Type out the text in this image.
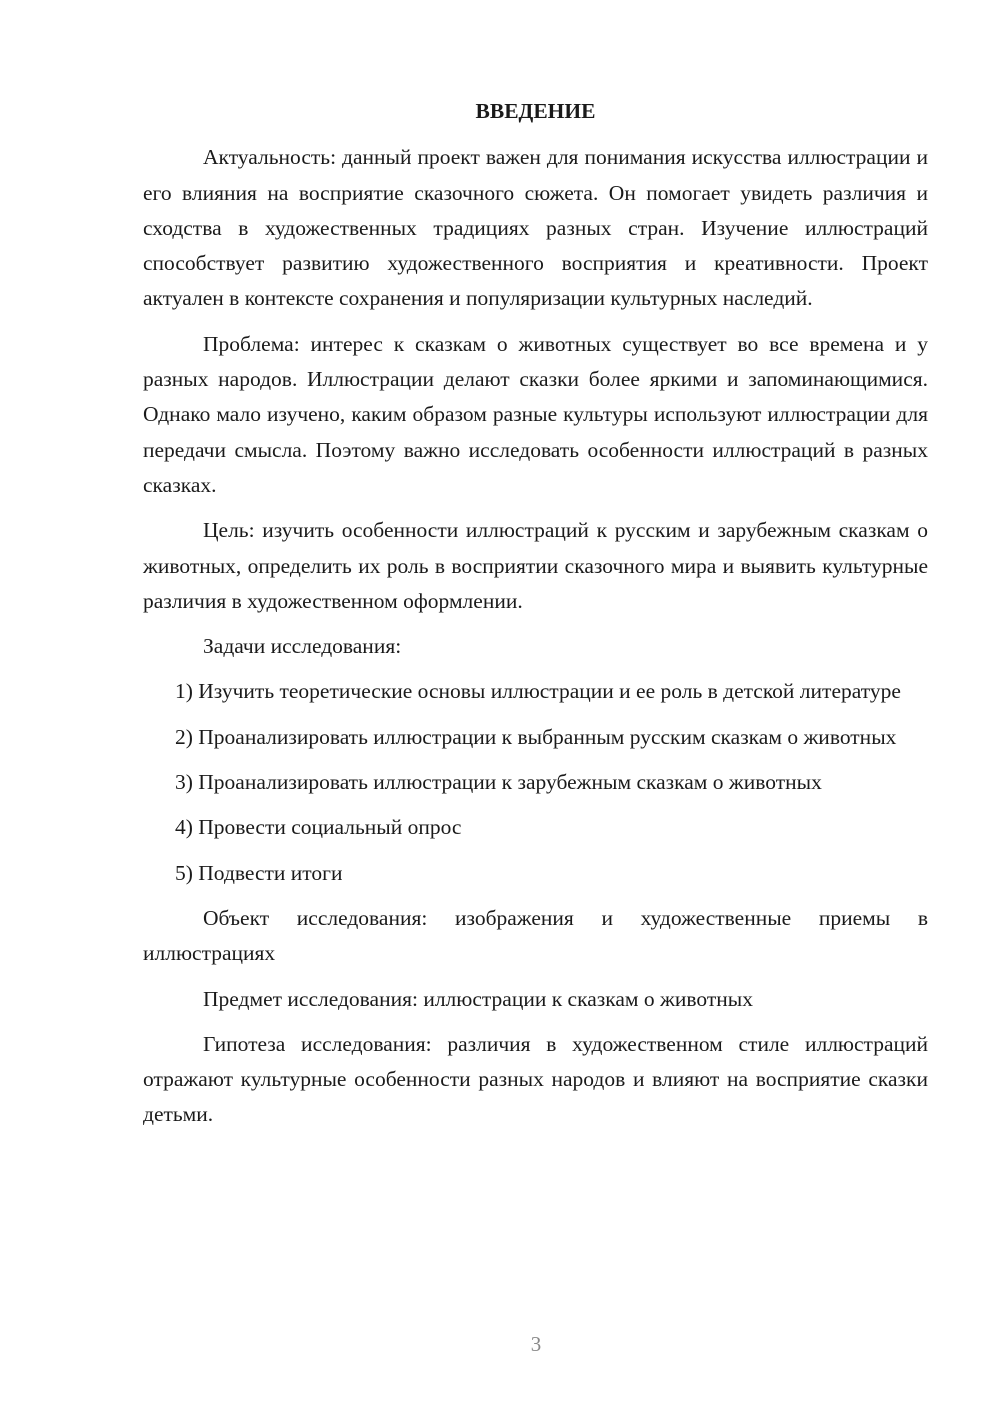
ВВЕДЕНИЕ

Актуальность: данный проект важен для понимания искусства иллюстрации и его влияния на восприятие сказочного сюжета. Он помогает увидеть различия и сходства в художественных традициях разных стран. Изучение иллюстраций способствует развитию художественного восприятия и креативности. Проект актуален в контексте сохранения и популяризации культурных наследий.

Проблема: интерес к сказкам о животных существует во все времена и у разных народов. Иллюстрации делают сказки более яркими и запоминающимися. Однако мало изучено, каким образом разные культуры используют иллюстрации для передачи смысла. Поэтому важно исследовать особенности иллюстраций в разных сказках.

Цель: изучить особенности иллюстраций к русским и зарубежным сказкам о животных, определить их роль в восприятии сказочного мира и выявить культурные различия в художественном оформлении.

Задачи исследования:

1) Изучить теоретические основы иллюстрации и ее роль в детской литературе

2) Проанализировать иллюстрации к выбранным русским сказкам о животных

3) Проанализировать иллюстрации к зарубежным сказкам о животных

4) Провести социальный опрос

5) Подвести итоги

Объект исследования: изображения и художественные приемы в иллюстрациях

Предмет исследования: иллюстрации к сказкам о животных

Гипотеза исследования: различия в художественном стиле иллюстраций отражают культурные особенности разных народов и влияют на восприятие сказки детьми.

3
